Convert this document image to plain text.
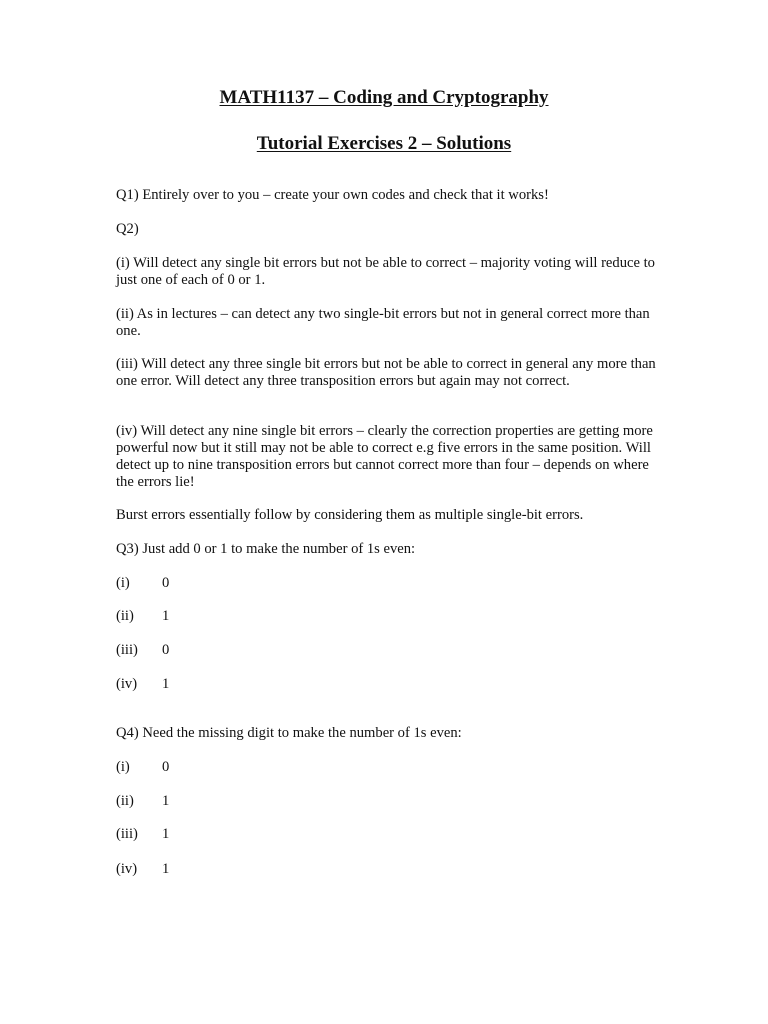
MATH1137 – Coding and Cryptography
Tutorial Exercises 2 – Solutions

Q1) Entirely over to you – create your own codes and check that it works!

Q2)

(i) Will detect any single bit errors but not be able to correct – majority voting will reduce to just one of each of 0 or 1.

(ii) As in lectures – can detect any two single-bit errors but not in general correct more than one.

(iii) Will detect any three single bit errors but not be able to correct in general any more than one error. Will detect any three transposition errors but again may not correct.

(iv) Will detect any nine single bit errors – clearly the correction properties are getting more powerful now but it still may not be able to correct e.g five errors in the same position. Will detect up to nine transposition errors but cannot correct more than four – depends on where the errors lie!

Burst errors essentially follow by considering them as multiple single-bit errors.

Q3) Just add 0 or 1 to make the number of 1s even:

(i) 0

(ii) 1

(iii) 0

(iv) 1

Q4) Need the missing digit to make the number of 1s even:

(i) 0

(ii) 1

(iii) 1

(iv) 1
